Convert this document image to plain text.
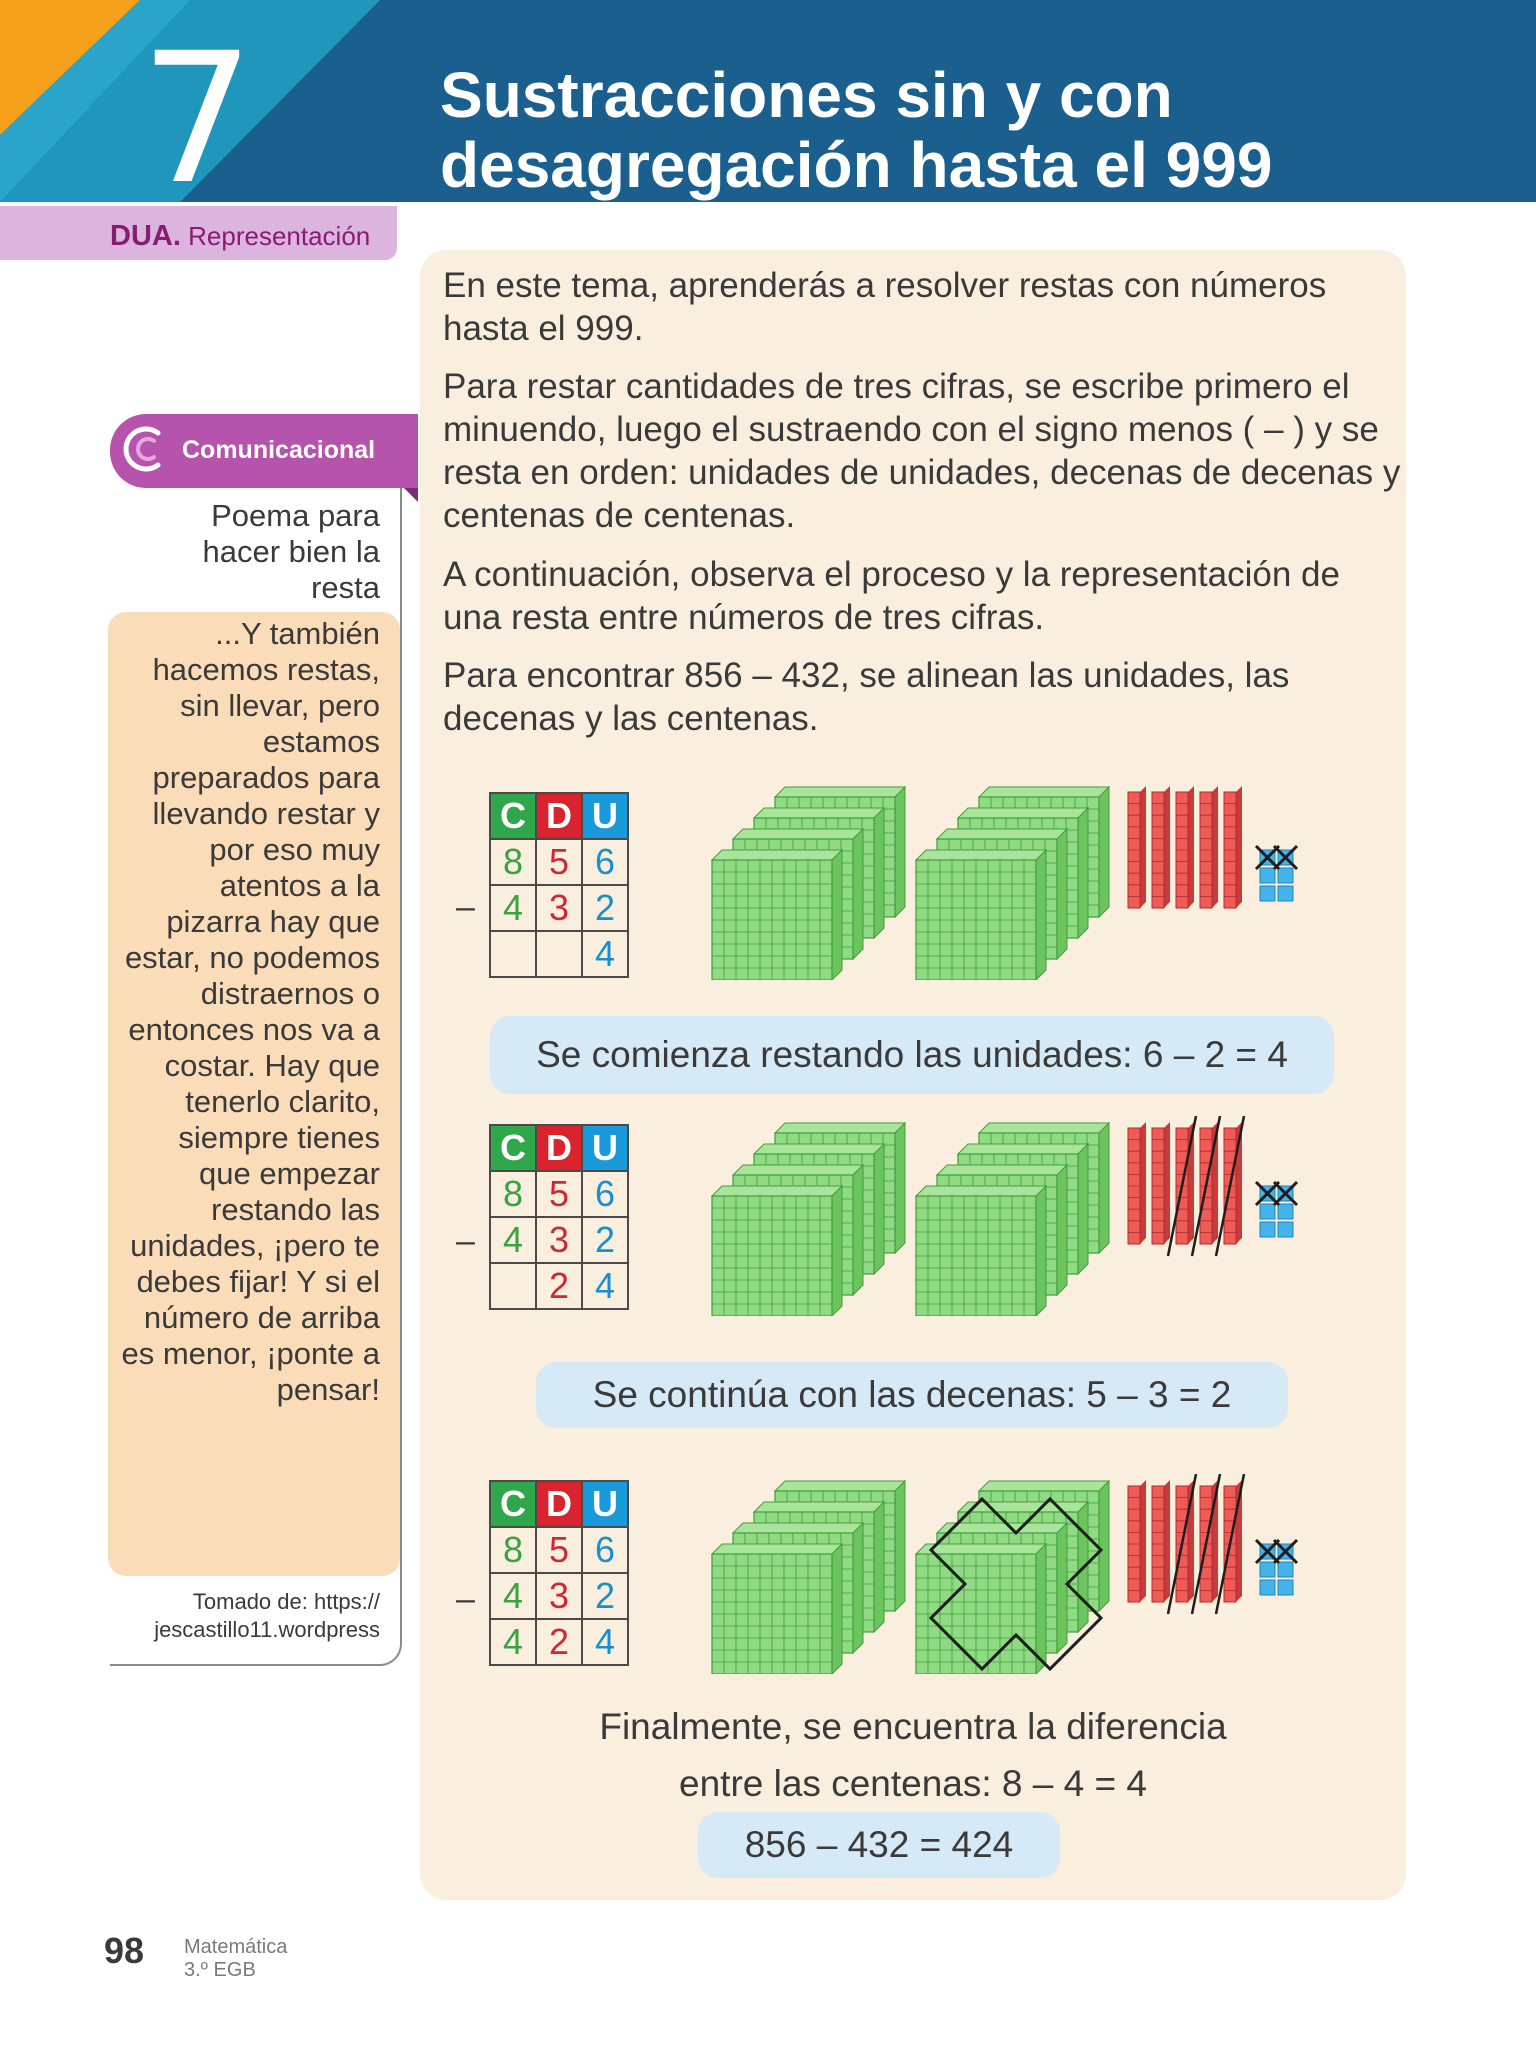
7	Sustracciones sin y con
desagregación hasta el 999
DUA. Representación
Comunicacional
Poema para hacer bien la resta
...Y también hacemos restas, sin llevar, pero estamos preparados para llevando restar y por eso muy atentos a la pizarra hay que estar, no podemos distraernos o entonces nos va a costar. Hay que tenerlo clarito, siempre tienes que empezar restando las unidades, ¡pero te debes fijar! Y si el número de arriba es menor, ¡ponte a pensar!
Tomado de: https:// jescastillo11.wordpress
En este tema, aprenderás a resolver restas con números hasta el 999.
Para restar cantidades de tres cifras, se escribe primero el minuendo, luego el sustraendo con el signo menos ( – ) y se resta en orden: unidades de unidades, decenas de decenas y centenas de centenas.
A continuación, observa el proceso y la representación de una resta entre números de tres cifras.
Para encontrar 856 – 432, se alinean las unidades, las decenas y las centenas.
–
C	D	U
8	5	6
4	3	2
		4
Se comienza restando las unidades: 6 – 2 = 4
–
C	D	U
8	5	6
4	3	2
	2	4
Se continúa con las decenas: 5 – 3 = 2
–
C	D	U
8	5	6
4	3	2
4	2	4
Finalmente, se encuentra la diferencia
entre las centenas: 8 – 4 = 4
856 – 432 = 424
98 Matemática
3.º EGB
